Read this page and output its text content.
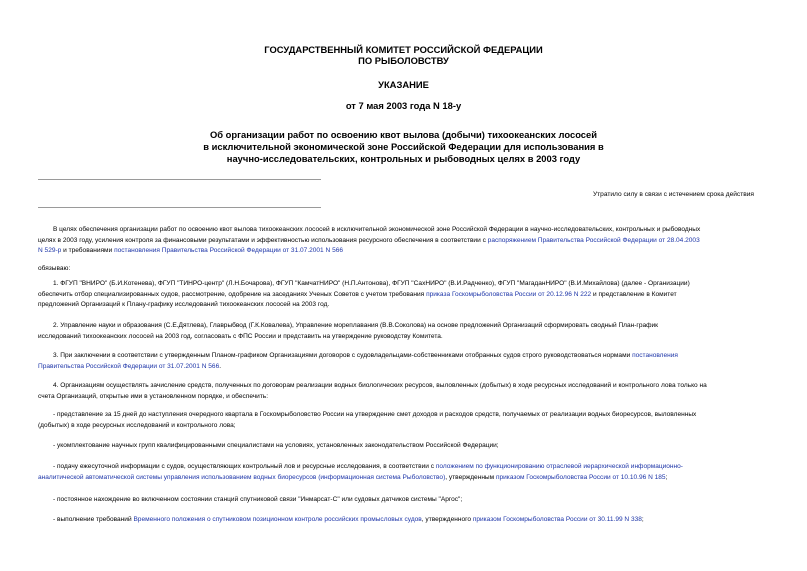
ГОСУДАРСТВЕННЫЙ КОМИТЕТ РОССИЙСКОЙ ФЕДЕРАЦИИ
ПО РЫБОЛОВСТВУ
УКАЗАНИЕ
от 7 мая 2003 года N 18-у
Об организации работ по освоению квот вылова (добычи) тихоокеанских лососей
в исключительной экономической зоне Российской Федерации для использования в
научно-исследовательских, контрольных и рыбоводных целях в 2003 году
Утратило силу в связи с истечением срока действия
В целях обеспечения организации работ по освоению квот вылова тихоокеанских лососей в исключительной экономической зоне Российской Федерации в научно-исследовательских, контрольных и рыбоводных
целях в 2003 году, усиления контроля за финансовыми результатами и эффективностью использования ресурсного обеспечения в соответствии с распоряжением Правительства Российской Федерации от 28.04.2003
N 529-р и требованиями постановления Правительства Российской Федерации от 31.07.2001 N 566
обязываю:
1. ФГУП "ВНИРО" (Б.И.Котенева), ФГУП "ТИНРО-центр" (Л.Н.Бочарова), ФГУП "КамчатНИРО" (Н.П.Антонова), ФГУП "СахНИРО" (В.И.Радченко), ФГУП "МагаданНИРО" (В.И.Михайлова) (далее - Организации)
обеспечить отбор специализированных судов, рассмотрение, одобрение на заседаниях Ученых Советов с учетом требования приказа Госкомрыболовства России от 20.12.96 N 222 и представление в Комитет
предложений Организаций к Плану-графику исследований тихоокеанских лососей на 2003 год.
2. Управление науки и образования (С.Е.Дятлева), Главрыбвод (Г.К.Ковалева), Управление мореплавания (В.В.Соколова) на основе предложений Организаций сформировать сводный План-график
исследований тихоокеанских лососей на 2003 год, согласовать с ФПС России и представить на утверждение руководству Комитета.
3. При заключении в соответствии с утвержденным Планом-графиком Организациями договоров с судовладельцами-собственниками отобранных судов строго руководствоваться нормами постановления
Правительства Российской Федерации от 31.07.2001 N 566.
4. Организациям осуществлять зачисление средств, полученных по договорам реализации водных биологических ресурсов, выловленных (добытых) в ходе ресурсных исследований и контрольного лова только на
счета Организаций, открытые ими в установленном порядке, и обеспечить:
- представление за 15 дней до наступления очередного квартала в Госкомрыболовство России на утверждение смет доходов и расходов средств, получаемых от реализации водных биоресурсов, выловленных
(добытых) в ходе ресурсных исследований и контрольного лова;
- укомплектование научных групп квалифицированными специалистами на условиях, установленных законодательством Российской Федерации;
- подачу ежесуточной информации с судов, осуществляющих контрольный лов и ресурсные исследования, в соответствии с положением по функционированию отраслевой иерархической информационно-
аналитической автоматической системы управления использованием водных биоресурсов (информационная система Рыболовство), утвержденным приказом Госкомрыболовства России от 10.10.96 N 185;
- постоянное нахождение во включенном состоянии станций спутниковой связи "Инмарсат-С" или судовых датчиков системы "Аргос";
- выполнение требований Временного положения о спутниковом позиционном контроле российских промысловых судов, утвержденного приказом Госкомрыболовства России от 30.11.99 N 338;
